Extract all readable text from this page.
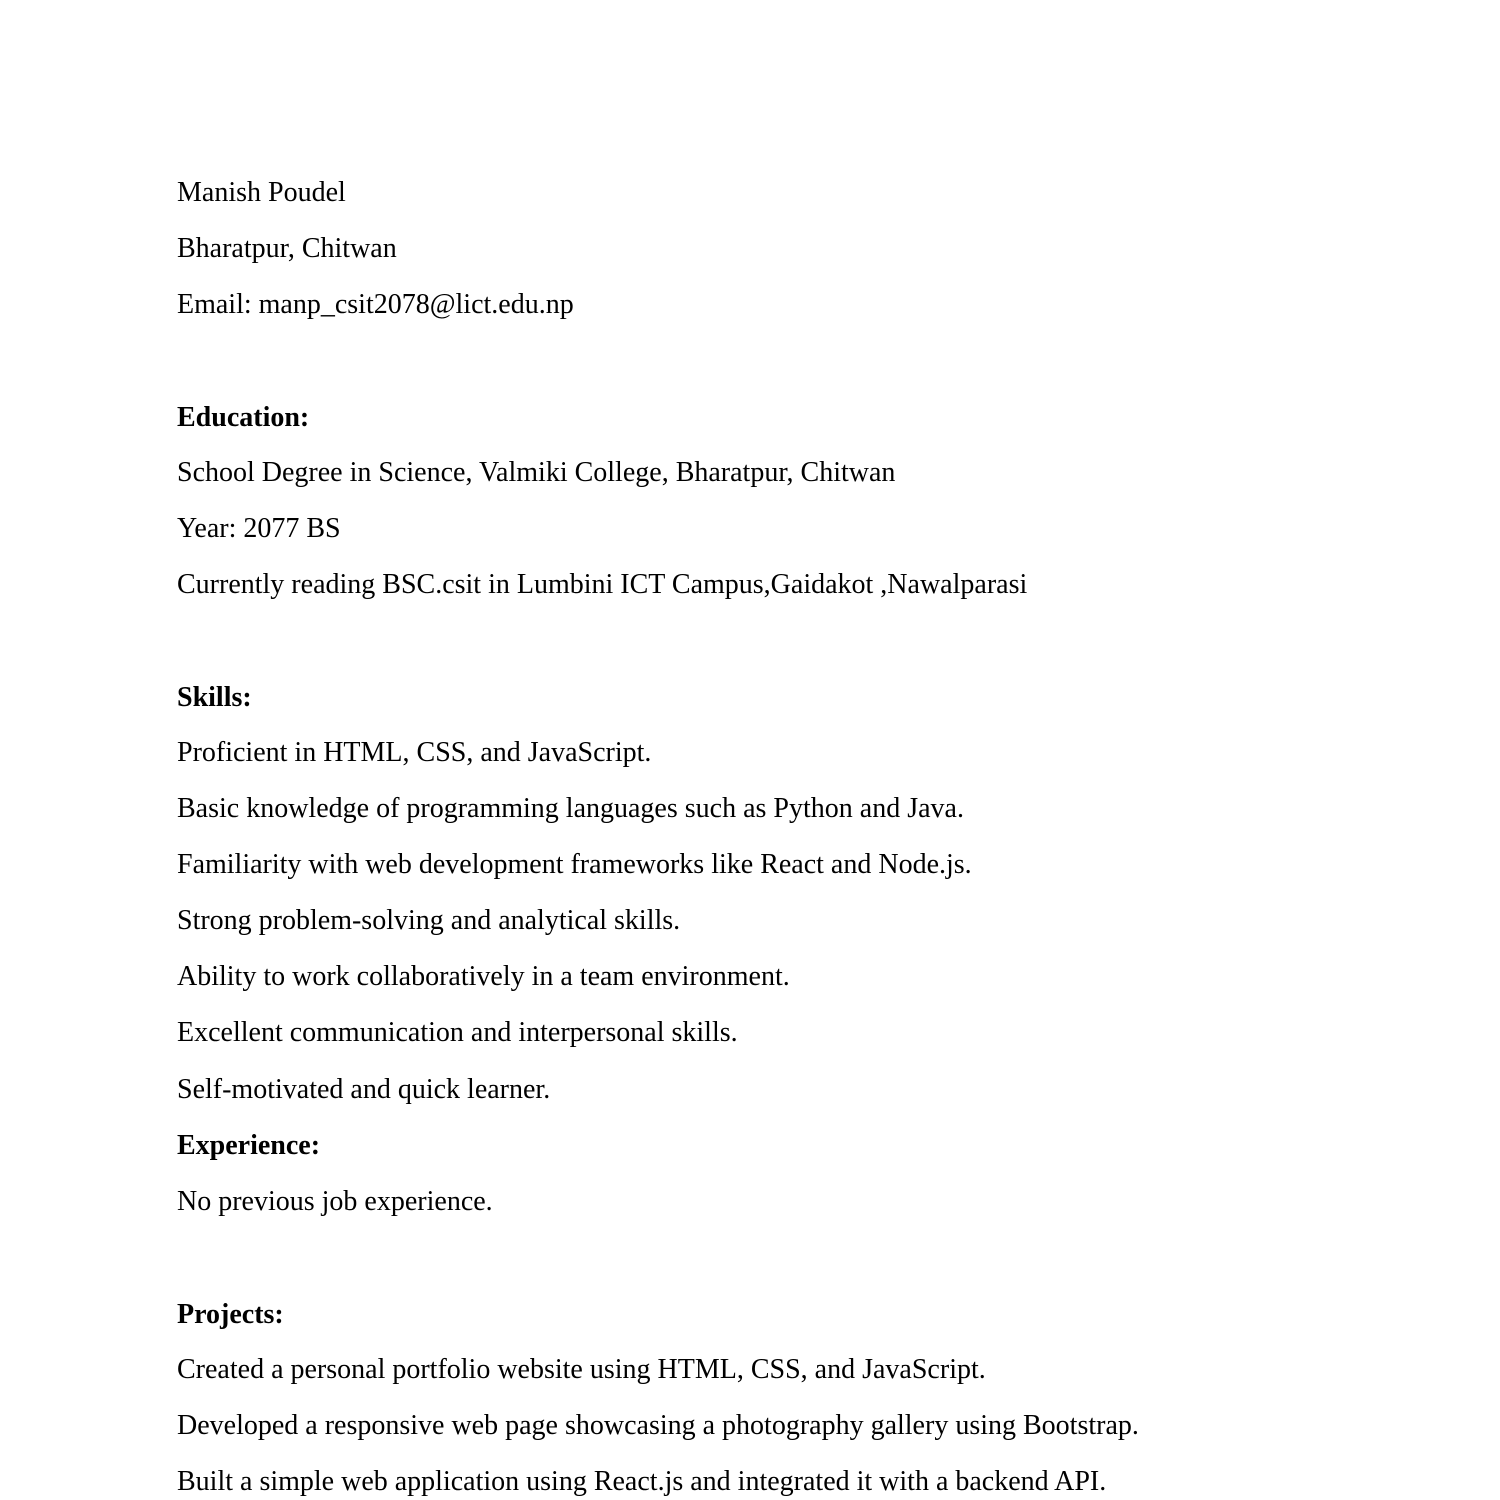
Manish Poudel

Bharatpur, Chitwan

Email: manp_csit2078@lict.edu.np

Education:

School Degree in Science, Valmiki College, Bharatpur, Chitwan

Year: 2077 BS

Currently reading BSC.csit in Lumbini ICT Campus,Gaidakot ,Nawalparasi

Skills:

Proficient in HTML, CSS, and JavaScript.

Basic knowledge of programming languages such as Python and Java.

Familiarity with web development frameworks like React and Node.js.

Strong problem-solving and analytical skills.

Ability to work collaboratively in a team environment.

Excellent communication and interpersonal skills.

Self-motivated and quick learner.

Experience:

No previous job experience.

Projects:

Created a personal portfolio website using HTML, CSS, and JavaScript.

Developed a responsive web page showcasing a photography gallery using Bootstrap.

Built a simple web application using React.js and integrated it with a backend API.
